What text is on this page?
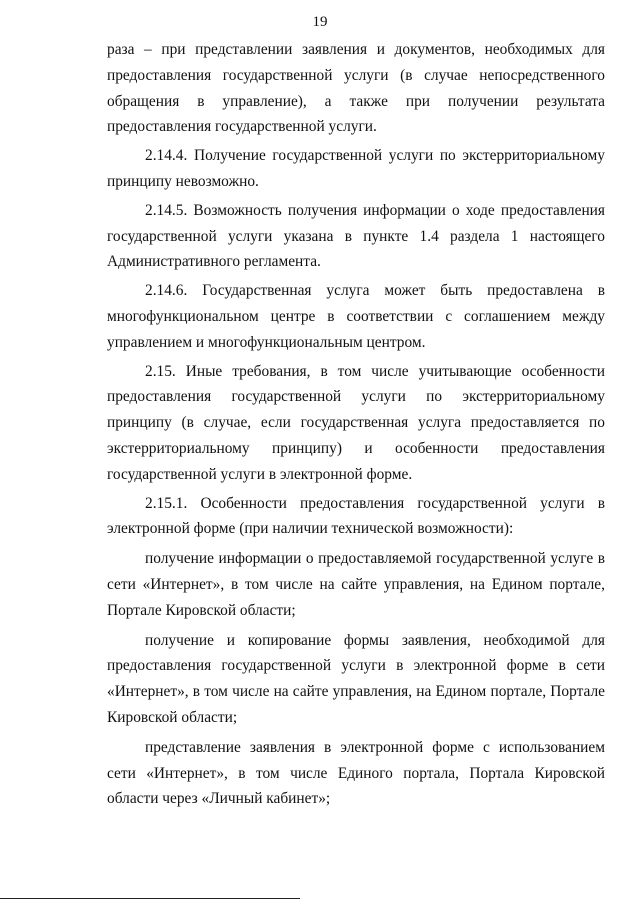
19

раза – при представлении заявления и документов, необходимых для предоставления государственной услуги (в случае непосредственного обращения в управление), а также при получении результата предоставления государственной услуги.

2.14.4. Получение государственной услуги по экстерриториальному принципу невозможно.

2.14.5. Возможность получения информации о ходе предоставления государственной услуги указана в пункте 1.4 раздела 1 настоящего Административного регламента.

2.14.6. Государственная услуга может быть предоставлена в многофункциональном центре в соответствии с соглашением между управлением и многофункциональным центром.

2.15. Иные требования, в том числе учитывающие особенности предоставления государственной услуги по экстерриториальному принципу (в случае, если государственная услуга предоставляется по экстерриториальному принципу) и особенности предоставления государственной услуги в электронной форме.

2.15.1. Особенности предоставления государственной услуги в электронной форме (при наличии технической возможности):

получение информации о предоставляемой государственной услуге в сети «Интернет», в том числе на сайте управления, на Едином портале, Портале Кировской области;

получение и копирование формы заявления, необходимой для предоставления государственной услуги в электронной форме в сети «Интернет», в том числе на сайте управления, на Едином портале, Портале Кировской области;

представление заявления в электронной форме с использованием сети «Интернет», в том числе Единого портала, Портала Кировской области через «Личный кабинет»;
